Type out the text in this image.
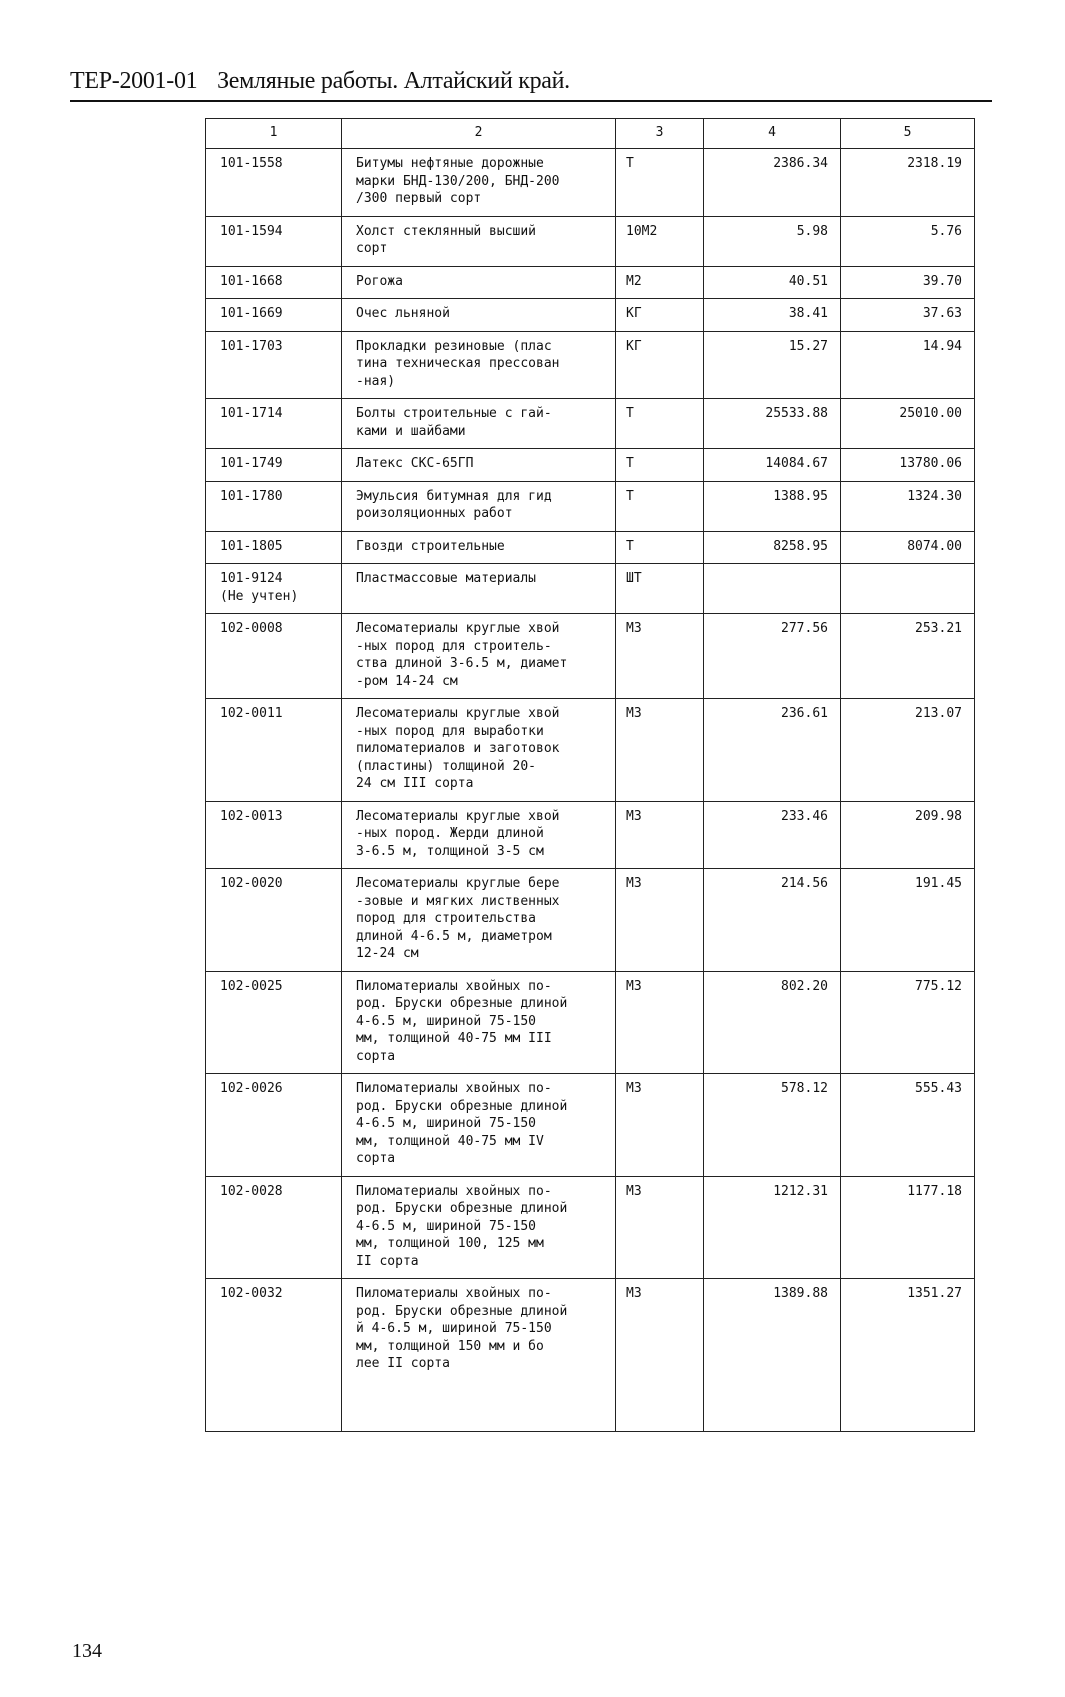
ТЕР-2001-01 Земляные работы. Алтайский край.
1	2	3	4	5
101-1558	Битумы нефтяные дорожные
марки БНД-130/200, БНД-200
/300 первый сорт	Т	2386.34	2318.19
101-1594	Холст стеклянный высший
сорт	10М2	5.98	5.76
101-1668	Рогожа	М2	40.51	39.70
101-1669	Очес льняной	КГ	38.41	37.63
101-1703	Прокладки резиновые (плас
тина техническая прессован
-ная)	КГ	15.27	14.94
101-1714	Болты строительные с гай-
ками и шайбами	Т	25533.88	25010.00
101-1749	Латекс СКС-65ГП	Т	14084.67	13780.06
101-1780	Эмульсия битумная для гид
роизоляционных работ	Т	1388.95	1324.30
101-1805	Гвозди строительные	Т	8258.95	8074.00
101-9124
(Не учтен)	Пластмассовые материалы	ШТ		
102-0008	Лесоматериалы круглые хвой
-ных пород для строитель-
ства длиной 3-6.5 м, диамет
-ром 14-24 см	М3	277.56	253.21
102-0011	Лесоматериалы круглые хвой
-ных пород для выработки
пиломатериалов и заготовок
(пластины) толщиной 20-
24 см III сорта	М3	236.61	213.07
102-0013	Лесоматериалы круглые хвой
-ных пород. Жерди длиной
3-6.5 м, толщиной 3-5 см	М3	233.46	209.98
102-0020	Лесоматериалы круглые бере
-зовые и мягких лиственных
пород для строительства
длиной 4-6.5 м, диаметром
12-24 см	М3	214.56	191.45
102-0025	Пиломатериалы хвойных по-
род. Бруски обрезные длиной
4-6.5 м, шириной 75-150
мм, толщиной 40-75 мм III
сорта	М3	802.20	775.12
102-0026	Пиломатериалы хвойных по-
род. Бруски обрезные длиной
4-6.5 м, шириной 75-150
мм, толщиной 40-75 мм IV
сорта	М3	578.12	555.43
102-0028	Пиломатериалы хвойных по-
род. Бруски обрезные длиной
4-6.5 м, шириной 75-150
мм, толщиной 100, 125 мм
II сорта	М3	1212.31	1177.18
102-0032	Пиломатериалы хвойных по-
род. Бруски обрезные длиной
й 4-6.5 м, шириной 75-150
мм, толщиной 150 мм и бо
лее II сорта	М3	1389.88	1351.27
134
